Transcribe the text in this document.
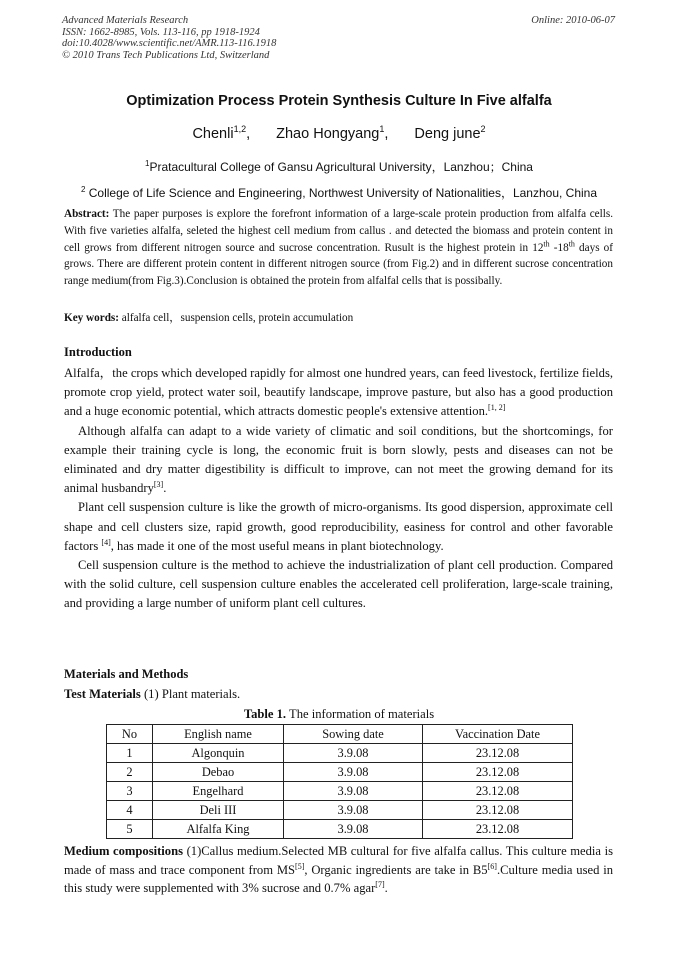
Advanced Materials Research
ISSN: 1662-8985, Vols. 113-116, pp 1918-1924
doi:10.4028/www.scientific.net/AMR.113-116.1918
© 2010 Trans Tech Publications Ltd, Switzerland
Online: 2010-06-07
Optimization Process Protein Synthesis Culture In Five alfalfa
Chenli$^{1,2}$, Zhao Hongyang$^1$, Deng june$^2$
$^1$Pratacultural College of Gansu Agricultural University，Lanzhou；China
$^2$ College of Life Science and Engineering, Northwest University of Nationalities，Lanzhou, China
Abstract: The paper purposes is explore the forefront information of a large-scale protein production from alfalfa cells. With five varieties alfalfa, seleted the highest cell medium from callus . and detected the biomass and protein content in cell grows from different nitrogen source and sucrose concentration. Rusult is the highest protein in 12th -18th days of grows. There are different protein content in different nitrogen source (from Fig.2) and in different sucrose concentration range medium(from Fig.3).Conclusion is obtained the protein from alfalfal cells that is possibally.
Key words: alfalfa cell，suspension cells, protein accumulation
Introduction

Alfalfa，the crops which developed rapidly for almost one hundred years, can feed livestock, fertilize fields, promote crop yield, protect water soil, beautify landscape, improve pasture, but also has a good production and a huge economic potential, which attracts domestic people's extensive attention.[1, 2]

Although alfalfa can adapt to a wide variety of climatic and soil conditions, but the shortcomings, for example their training cycle is long, the economic fruit is born slowly, pests and diseases can not be eliminated and dry matter digestibility is difficult to improve, can not meet the growing demand for its animal husbandry[3].

Plant cell suspension culture is like the growth of micro-organisms. Its good dispersion, approximate cell shape and cell clusters size, rapid growth, good reproducibility, easiness for control and other favorable factors [4], has made it one of the most useful means in plant biotechnology.

Cell suspension culture is the method to achieve the industrialization of plant cell production. Compared with the solid culture, cell suspension culture enables the accelerated cell proliferation, large-scale training, and providing a large number of uniform plant cell cultures.

Materials and Methods
Test Materials (1) Plant materials.
Table 1. The information of materials
No	English name	Sowing date	Vaccination Date
1	Algonquin	3.9.08	23.12.08
2	Debao	3.9.08	23.12.08
3	Engelhard	3.9.08	23.12.08
4	Deli III	3.9.08	23.12.08
5	Alfalfa King	3.9.08	23.12.08

Medium compositions (1)Callus medium.Selected MB cultural for five alfalfa callus. This culture media is made of mass and trace component from MS[5], Organic ingredients are take in B5[6].Culture media used in this study were supplemented with 3% sucrose and 0.7% agar[7].
